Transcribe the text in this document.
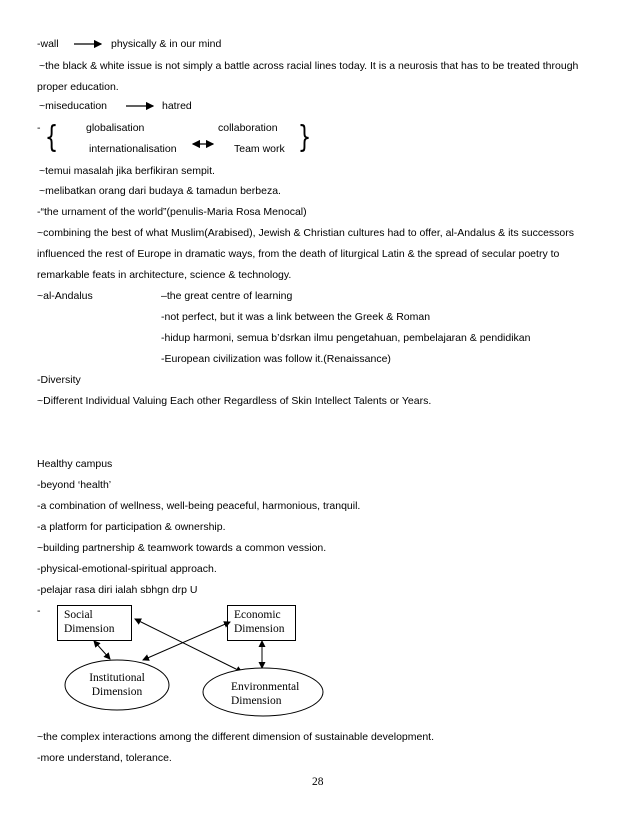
{	}
-wall	physically & in our mind
~the black & white issue is not simply a battle across racial lines today. It is a neurosis that has to be treated through
proper education.
~miseducation	hatred
-	globalisation	collaboration
internationalisation	Team work
~temui masalah jika berfikiran sempit.
~melibatkan orang dari budaya & tamadun berbeza.
-“the urnament of the world”(penulis-Maria Rosa Menocal)
~combining the best of what Muslim(Arabised), Jewish & Christian cultures had to offer, al-Andalus & its successors
influenced the rest of Europe in dramatic ways, from the death of liturgical Latin & the spread of secular poetry to
remarkable feats in architecture, science & technology.
~al-Andalus	–the great centre of learning
-not perfect, but it was a link between the Greek & Roman
-hidup harmoni, semua b’dsrkan ilmu pengetahuan, pembelajaran & pendidikan
-European civilization was follow it.(Renaissance)
-Diversity
~Different Individual Valuing Each other Regardless of Skin Intellect Talents or Years.
Healthy campus
-beyond ‘health’
-a combination of wellness, well-being peaceful, harmonious, tranquil.
-a platform for participation & ownership.
~building partnership & teamwork towards a common vession.
-physical-emotional-spiritual approach.
-pelajar rasa diri ialah sbhgn drp U
- Social
Dimension
Economic
Dimension
Institutional
Dimension	Environmental
Dimension
~the complex interactions among the different dimension of sustainable development.
-more understand, tolerance.
28
